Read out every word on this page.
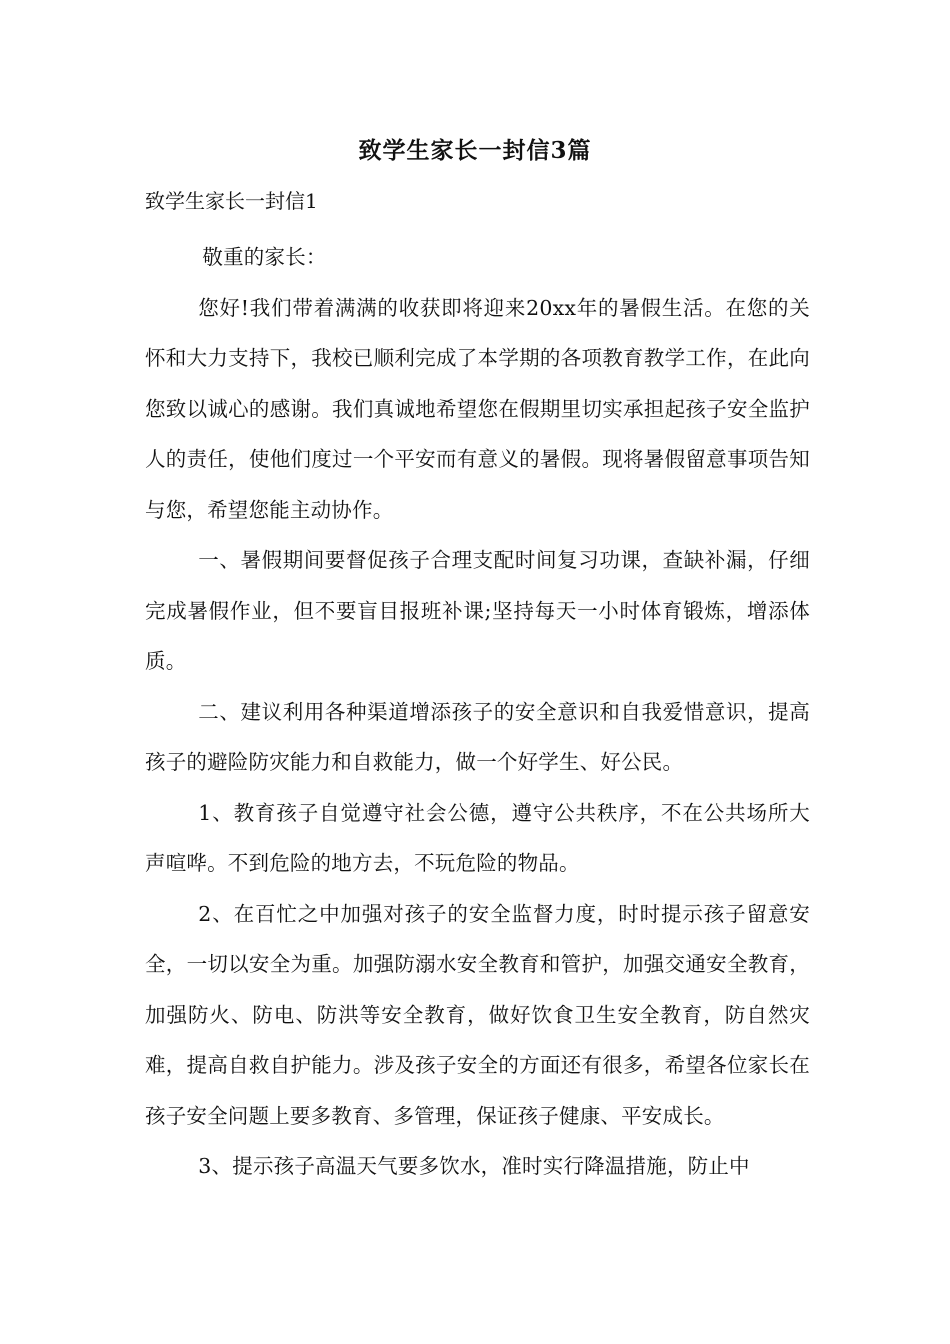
致学生家长一封信3篇
致学生家长一封信1

敬重的家长：

您好!我们带着满满的收获即将迎来20xx年的暑假生活。在您的关怀和大力支持下，我校已顺利完成了本学期的各项教育教学工作，在此向您致以诚心的感谢。我们真诚地希望您在假期里切实承担起孩子安全监护人的责任，使他们度过一个平安而有意义的暑假。现将暑假留意事项告知与您，希望您能主动协作。

一、暑假期间要督促孩子合理支配时间复习功课，查缺补漏，仔细完成暑假作业，但不要盲目报班补课;坚持每天一小时体育锻炼，增添体质。

二、建议利用各种渠道增添孩子的安全意识和自我爱惜意识，提高孩子的避险防灾能力和自救能力，做一个好学生、好公民。

1、教育孩子自觉遵守社会公德，遵守公共秩序，不在公共场所大声喧哗。不到危险的地方去，不玩危险的物品。

2、在百忙之中加强对孩子的安全监督力度，时时提示孩子留意安全，一切以安全为重。加强防溺水安全教育和管护，加强交通安全教育，加强防火、防电、防洪等安全教育，做好饮食卫生安全教育，防自然灾难，提高自救自护能力。涉及孩子安全的方面还有很多，希望各位家长在孩子安全问题上要多教育、多管理，保证孩子健康、平安成长。

3、提示孩子高温天气要多饮水，准时实行降温措施，防止中
